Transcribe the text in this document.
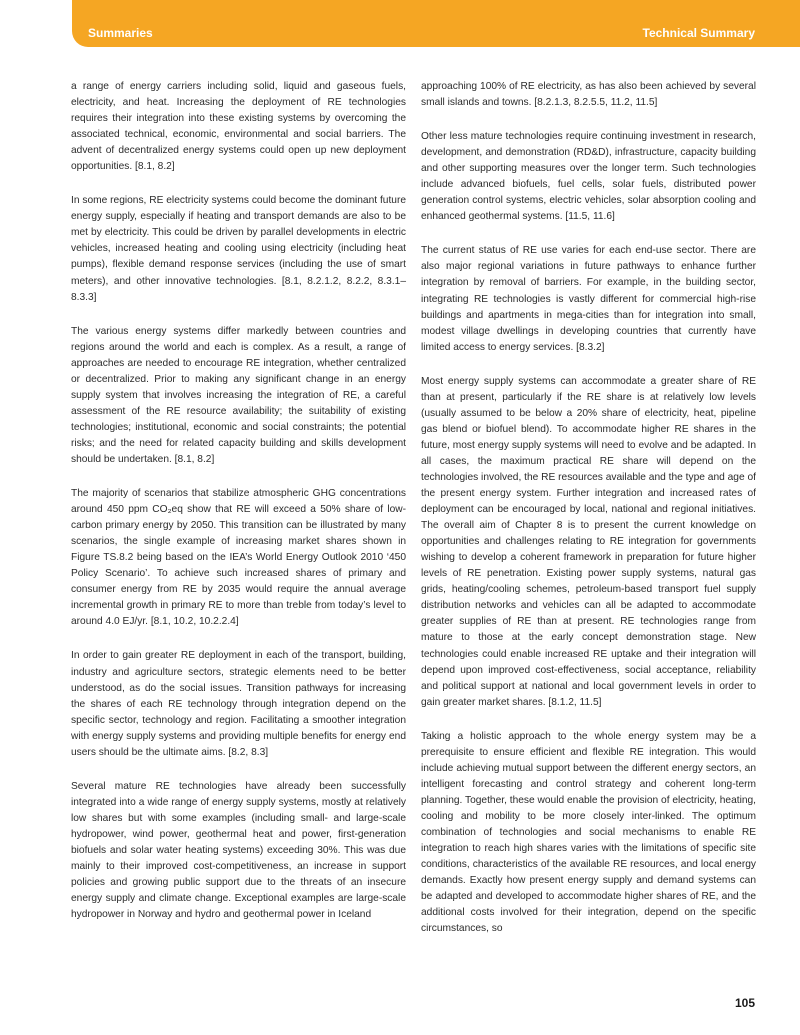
Summaries	Technical Summary

a range of energy carriers including solid, liquid and gaseous fuels, electricity, and heat. Increasing the deployment of RE technologies requires their integration into these existing systems by overcoming the associated technical, economic, environmental and social barriers. The advent of decentralized energy systems could open up new deployment opportunities. [8.1, 8.2]

In some regions, RE electricity systems could become the dominant future energy supply, especially if heating and transport demands are also to be met by electricity. This could be driven by parallel developments in electric vehicles, increased heating and cooling using electricity (including heat pumps), flexible demand response services (including the use of smart meters), and other innovative technologies. [8.1, 8.2.1.2, 8.2.2, 8.3.1–8.3.3]

The various energy systems differ markedly between countries and regions around the world and each is complex. As a result, a range of approaches are needed to encourage RE integration, whether centralized or decentralized. Prior to making any significant change in an energy supply system that involves increasing the integration of RE, a careful assessment of the RE resource availability; the suitability of existing technologies; institutional, economic and social constraints; the potential risks; and the need for related capacity building and skills development should be undertaken. [8.1, 8.2]

The majority of scenarios that stabilize atmospheric GHG concentrations around 450 ppm CO₂eq show that RE will exceed a 50% share of low-carbon primary energy by 2050. This transition can be illustrated by many scenarios, the single example of increasing market shares shown in Figure TS.8.2 being based on the IEA’s World Energy Outlook 2010 ‘450 Policy Scenario’. To achieve such increased shares of primary and consumer energy from RE by 2035 would require the annual average incremental growth in primary RE to more than treble from today’s level to around 4.0 EJ/yr. [8.1, 10.2, 10.2.2.4]

In order to gain greater RE deployment in each of the transport, building, industry and agriculture sectors, strategic elements need to be better understood, as do the social issues. Transition pathways for increasing the shares of each RE technology through integration depend on the specific sector, technology and region. Facilitating a smoother integration with energy supply systems and providing multiple benefits for energy end users should be the ultimate aims. [8.2, 8.3]

Several mature RE technologies have already been successfully integrated into a wide range of energy supply systems, mostly at relatively low shares but with some examples (including small- and large-scale hydropower, wind power, geothermal heat and power, first-generation biofuels and solar water heating systems) exceeding 30%. This was due mainly to their improved cost-competitiveness, an increase in support policies and growing public support due to the threats of an insecure energy supply and climate change. Exceptional examples are large-scale hydropower in Norway and hydro and geothermal power in Iceland

approaching 100% of RE electricity, as has also been achieved by several small islands and towns. [8.2.1.3, 8.2.5.5, 11.2, 11.5]

Other less mature technologies require continuing investment in research, development, and demonstration (RD&D), infrastructure, capacity building and other supporting measures over the longer term. Such technologies include advanced biofuels, fuel cells, solar fuels, distributed power generation control systems, electric vehicles, solar absorption cooling and enhanced geothermal systems. [11.5, 11.6]

The current status of RE use varies for each end-use sector. There are also major regional variations in future pathways to enhance further integration by removal of barriers. For example, in the building sector, integrating RE technologies is vastly different for commercial high-rise buildings and apartments in mega-cities than for integration into small, modest village dwellings in developing countries that currently have limited access to energy services. [8.3.2]

Most energy supply systems can accommodate a greater share of RE than at present, particularly if the RE share is at relatively low levels (usually assumed to be below a 20% share of electricity, heat, pipeline gas blend or biofuel blend). To accommodate higher RE shares in the future, most energy supply systems will need to evolve and be adapted. In all cases, the maximum practical RE share will depend on the technologies involved, the RE resources available and the type and age of the present energy system. Further integration and increased rates of deployment can be encouraged by local, national and regional initiatives. The overall aim of Chapter 8 is to present the current knowledge on opportunities and challenges relating to RE integration for governments wishing to develop a coherent framework in preparation for future higher levels of RE penetration. Existing power supply systems, natural gas grids, heating/cooling schemes, petroleum-based transport fuel supply distribution networks and vehicles can all be adapted to accommodate greater supplies of RE than at present. RE technologies range from mature to those at the early concept demonstration stage. New technologies could enable increased RE uptake and their integration will depend upon improved cost-effectiveness, social acceptance, reliability and political support at national and local government levels in order to gain greater market shares. [8.1.2, 11.5]

Taking a holistic approach to the whole energy system may be a prerequisite to ensure efficient and flexible RE integration. This would include achieving mutual support between the different energy sectors, an intelligent forecasting and control strategy and coherent long-term planning. Together, these would enable the provision of electricity, heating, cooling and mobility to be more closely inter-linked. The optimum combination of technologies and social mechanisms to enable RE integration to reach high shares varies with the limitations of specific site conditions, characteristics of the available RE resources, and local energy demands. Exactly how present energy supply and demand systems can be adapted and developed to accommodate higher shares of RE, and the additional costs involved for their integration, depend on the specific circumstances, so

105
